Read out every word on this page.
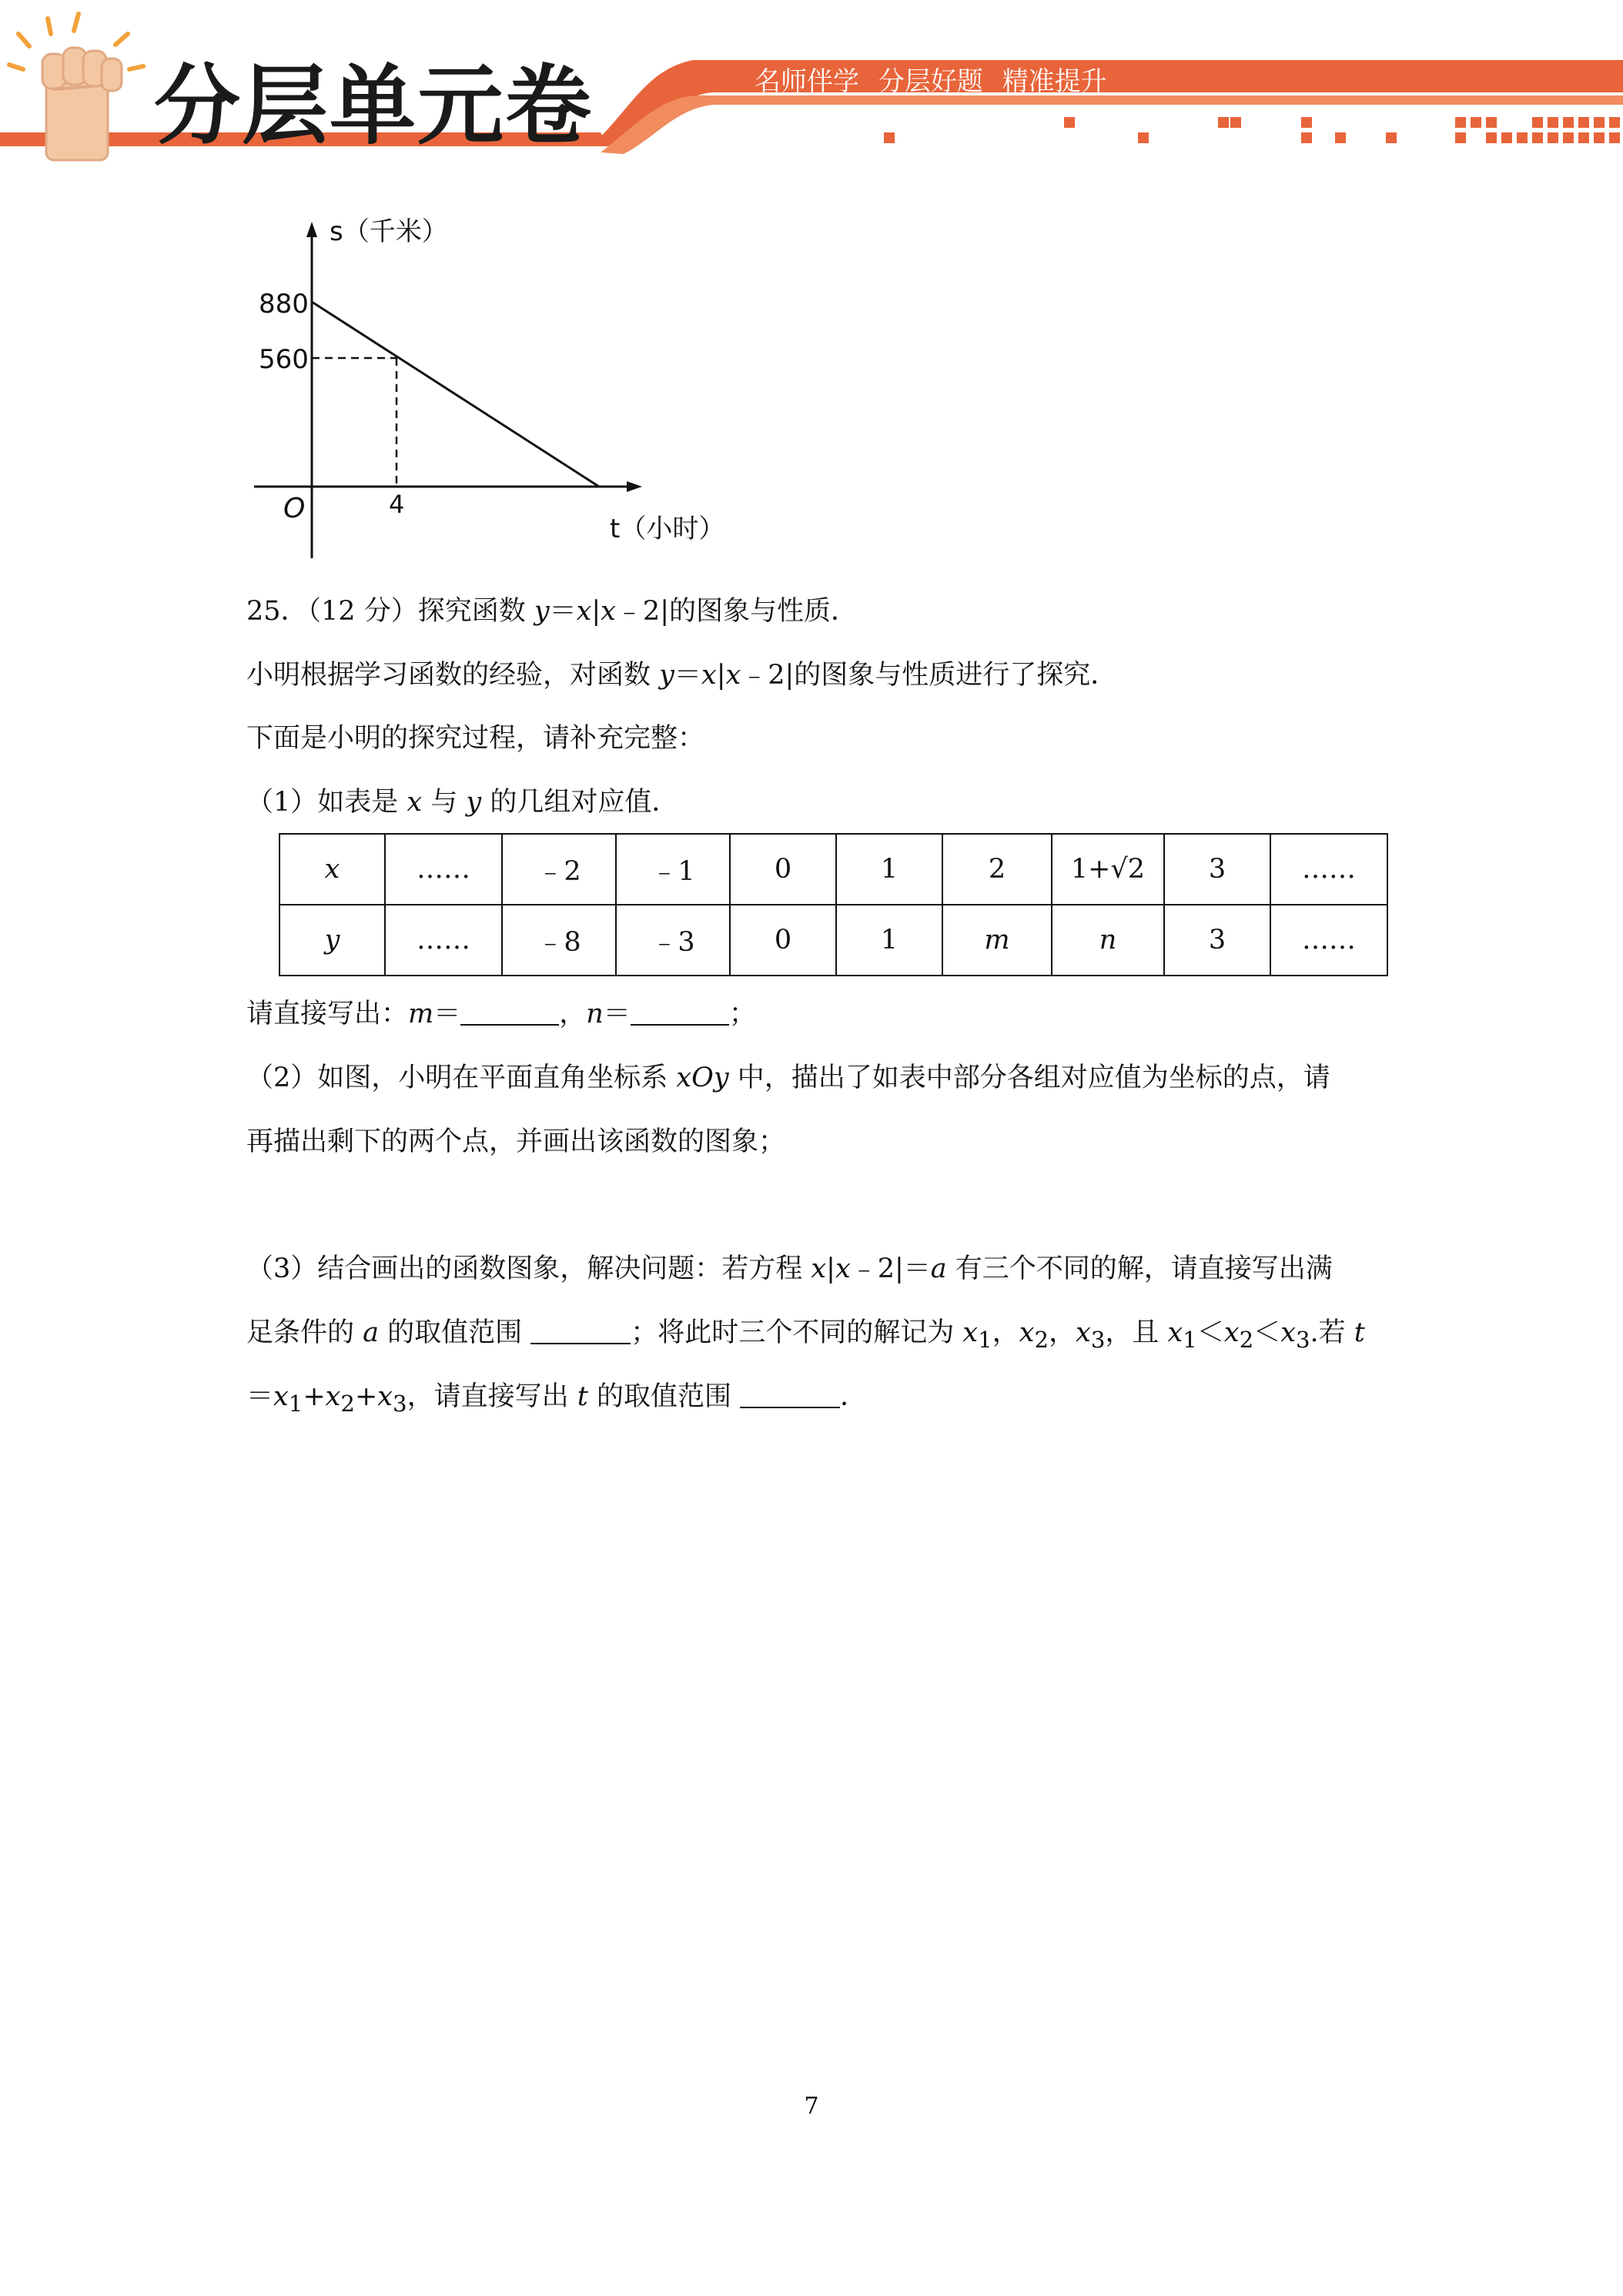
分层单元卷	名师伴学 分层好题 精准提升
s（千米）
880
560
O	4
t（小时）
25．（12 分）探究函数 y＝x|x﹣2|的图象与性质．
小明根据学习函数的经验，对函数 y＝x|x﹣2|的图象与性质进行了探究．
下面是小明的探究过程，请补充完整：
（1）如表是 x 与 y 的几组对应值．
x	……	﹣2	﹣1	0	1	2	1+√2	3	……
y	……	﹣8	﹣3	0	1	m	n	3	……
请直接写出：m＝	，n＝	；
（2）如图，小明在平面直角坐标系 xOy 中，描出了如表中部分各组对应值为坐标的点，请
再描出剩下的两个点，并画出该函数的图象；
（3）结合画出的函数图象，解决问题：若方程 x|x﹣2|＝a 有三个不同的解，请直接写出满
足条件的 a 的取值范围	；将此时三个不同的解记为 $x_1$，$x_2$，$x_3$，且 $x_1<x_2<x_3$.若 t
$=x_1+x_2+x_3$，请直接写出 t 的取值范围	．
7
